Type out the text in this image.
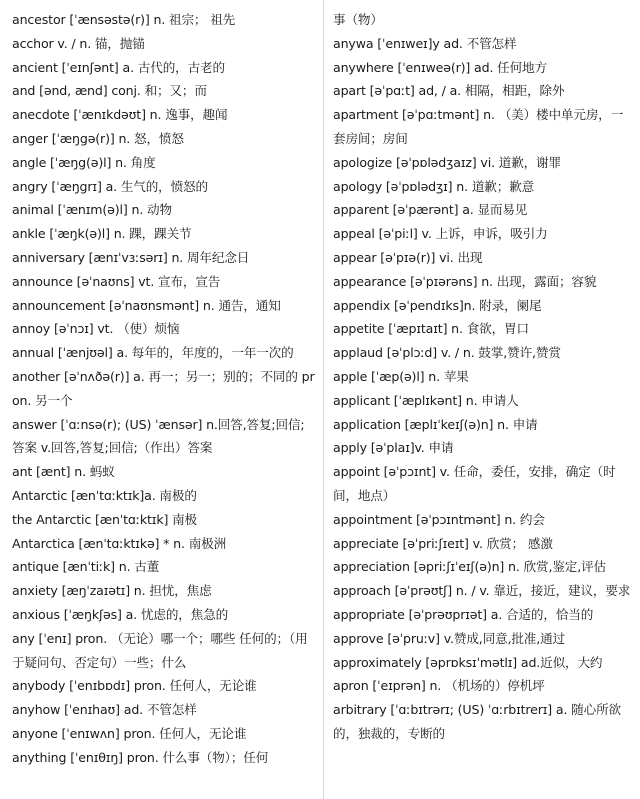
ancestor [ˈænsəstə(r)] n. 祖宗； 祖先

acchor v. / n. 锚，抛锚

ancient [ˈeɪnʃənt] a. 古代的，古老的

and [ənd, ænd] conj. 和；又；而

anecdote [ˈænɪkdəʊt] n. 逸事，趣闻

anger [ˈæŋgə(r)] n. 怒，愤怒

angle [ˈæŋg(ə)l] n. 角度

angry [ˈæŋgrɪ] a. 生气的，愤怒的

animal [ˈænɪm(ə)l] n. 动物

ankle [ˈæŋk(ə)l] n. 踝，踝关节

anniversary [ænɪˈvɜːsərɪ] n. 周年纪念日

announce [əˈnaʊns] vt. 宣布，宣告

announcement [əˈnaʊnsmənt] n. 通告，通知

annoy [əˈnɔɪ] vt. （使）烦恼

annual [ˈænjʊəl] a. 每年的，年度的，一年一次的

another [əˈnʌðə(r)] a. 再一；另一；别的；不同的 pron. 另一个

answer [ˈɑːnsə(r); (US) ˈænsər] n.回答,答复;回信;答案 v.回答,答复;回信;（作出）答案

ant [ænt] n. 蚂蚁

Antarctic [ænˈtɑːktɪk]a. 南极的

the Antarctic [ænˈtɑːktɪk] 南极

Antarctica [ænˈtɑːktɪkə] * n. 南极洲

antique [ænˈtiːk] n. 古董

anxiety [æŋˈzaɪətɪ] n. 担忧，焦虑

anxious [ˈæŋkʃəs] a. 忧虑的，焦急的

any [ˈenɪ] pron. （无论）哪一个；哪些 任何的；（用于疑问句、否定句）一些；什么

anybody [ˈenɪbɒdɪ] pron. 任何人，无论谁

anyhow [ˈenɪhaʊ] ad. 不管怎样

anyone [ˈenɪwʌn] pron. 任何人，无论谁

anything [ˈenɪθɪŋ] pron. 什么事（物）；任何

事（物）

anywa [ˈenɪweɪ]y ad. 不管怎样

anywhere [ˈenɪweə(r)] ad. 任何地方

apart [əˈpɑːt] ad, / a. 相隔，相距，除外

apartment [əˈpɑːtmənt] n. （美）楼中单元房，一套房间；房间

apologize [əˈpɒlədʒaɪz] vi. 道歉，谢罪

apology [əˈpɒlədʒɪ] n. 道歉；歉意

apparent [əˈpærənt] a. 显而易见

appeal [əˈpiːl] v. 上诉，申诉，吸引力

appear [əˈpɪə(r)] vi. 出现

appearance [əˈpɪərəns] n. 出现，露面；容貌

appendix [əˈpendɪks]n. 附录，阑尾

appetite [ˈæpɪtaɪt] n. 食欲，胃口

applaud [əˈplɔːd] v. / n. 鼓掌,赞许,赞赏

apple [ˈæp(ə)l] n. 苹果

applicant [ˈæplɪkənt] n. 申请人

application [æplɪˈkeɪʃ(ə)n] n. 申请

apply [əˈplaɪ]v. 申请

appoint [əˈpɔɪnt] v. 任命，委任，安排，确定（时间，地点）

appointment [əˈpɔɪntmənt] n. 约会

appreciate [əˈpriːʃɪeɪt] v. 欣赏； 感激

appreciation [əpriːʃɪˈeɪʃ(ə)n] n. 欣赏,鉴定,评估

approach [əˈprəʊtʃ] n. / v. 靠近，接近，建议，要求

appropriate [əˈprəʊprɪət] a. 合适的，恰当的

approve [əˈpruːv] v.赞成,同意,批准,通过

approximately [əprɒksɪˈmətlɪ] ad.近似，大约

apron [ˈeɪprən] n. （机场的）停机坪

arbitrary [ˈɑːbɪtrərɪ; (US) ˈɑːrbɪtrerɪ] a. 随心所欲的，独裁的，专断的
